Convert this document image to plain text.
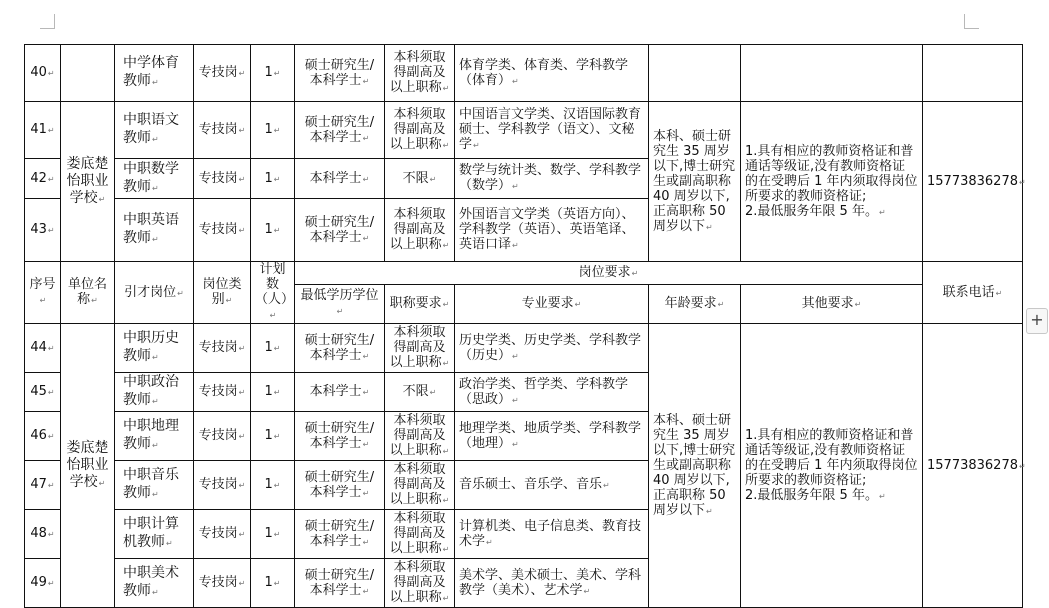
40↵		中学体育教师↵	专技岗↵	1↵	硕士研究生/本科学士↵	本科须取得副高及以上职称↵	体育学类、体育类、学科教学（体育）↵			
41↵	娄底楚怡职业学校↵	中职语文教师↵	专技岗↵	1↵	硕士研究生/本科学士↵	本科须取得副高及以上职称↵	中国语言文学类、汉语国际教育硕士、学科教学（语文）、文秘学↵	本科、硕士研究生 35 周岁以下,博士研究生或副高职称 40 周岁以下,正高职称 50 周岁以下↵	1.具有相应的教师资格证和普通话等级证,没有教师资格证的在受聘后 1 年内须取得岗位所要求的教师资格证;
2.最低服务年限 5 年。↵	15773836278↵
42↵		中职数学教师↵	专技岗↵	1↵	本科学士↵	不限↵	数学与统计类、数学、学科教学（数学）↵			
43↵		中职英语教师↵	专技岗↵	1↵	硕士研究生/本科学士↵	本科须取得副高及以上职称↵	外国语言文学类（英语方向）、学科教学（英语）、英语笔译、英语口译↵			
序号↵	单位名称↵	引才岗位↵	岗位类别↵	计划数（人）↵	岗位要求↵					联系电话↵
					最低学历学位↵	职称要求↵	专业要求↵	年龄要求↵	其他要求↵	
44↵	娄底楚怡职业学校↵	中职历史教师↵	专技岗↵	1↵	硕士研究生/本科学士↵	本科须取得副高及以上职称↵	历史学类、历史学类、学科教学（历史）↵	本科、硕士研究生 35 周岁以下,博士研究生或副高职称 40 周岁以下,正高职称 50 周岁以下↵	1.具有相应的教师资格证和普通话等级证,没有教师资格证的在受聘后 1 年内须取得岗位所要求的教师资格证;
2.最低服务年限 5 年。↵	15773836278↵
45↵		中职政治教师↵	专技岗↵	1↵	本科学士↵	不限↵	政治学类、哲学类、学科教学（思政）↵			
46↵		中职地理教师↵	专技岗↵	1↵	硕士研究生/本科学士↵	本科须取得副高及以上职称↵	地理学类、地质学类、学科教学（地理）↵			
47↵		中职音乐教师↵	专技岗↵	1↵	硕士研究生/本科学士↵	本科须取得副高及以上职称↵	音乐硕士、音乐学、音乐↵			
48↵		中职计算机教师↵	专技岗↵	1↵	硕士研究生/本科学士↵	本科须取得副高及以上职称↵	计算机类、电子信息类、教育技术学↵			
49↵		中职美术教师↵	专技岗↵	1↵	硕士研究生/本科学士↵	本科须取得副高及以上职称↵	美术学、美术硕士、美术、学科教学（美术）、艺术学↵			
+
